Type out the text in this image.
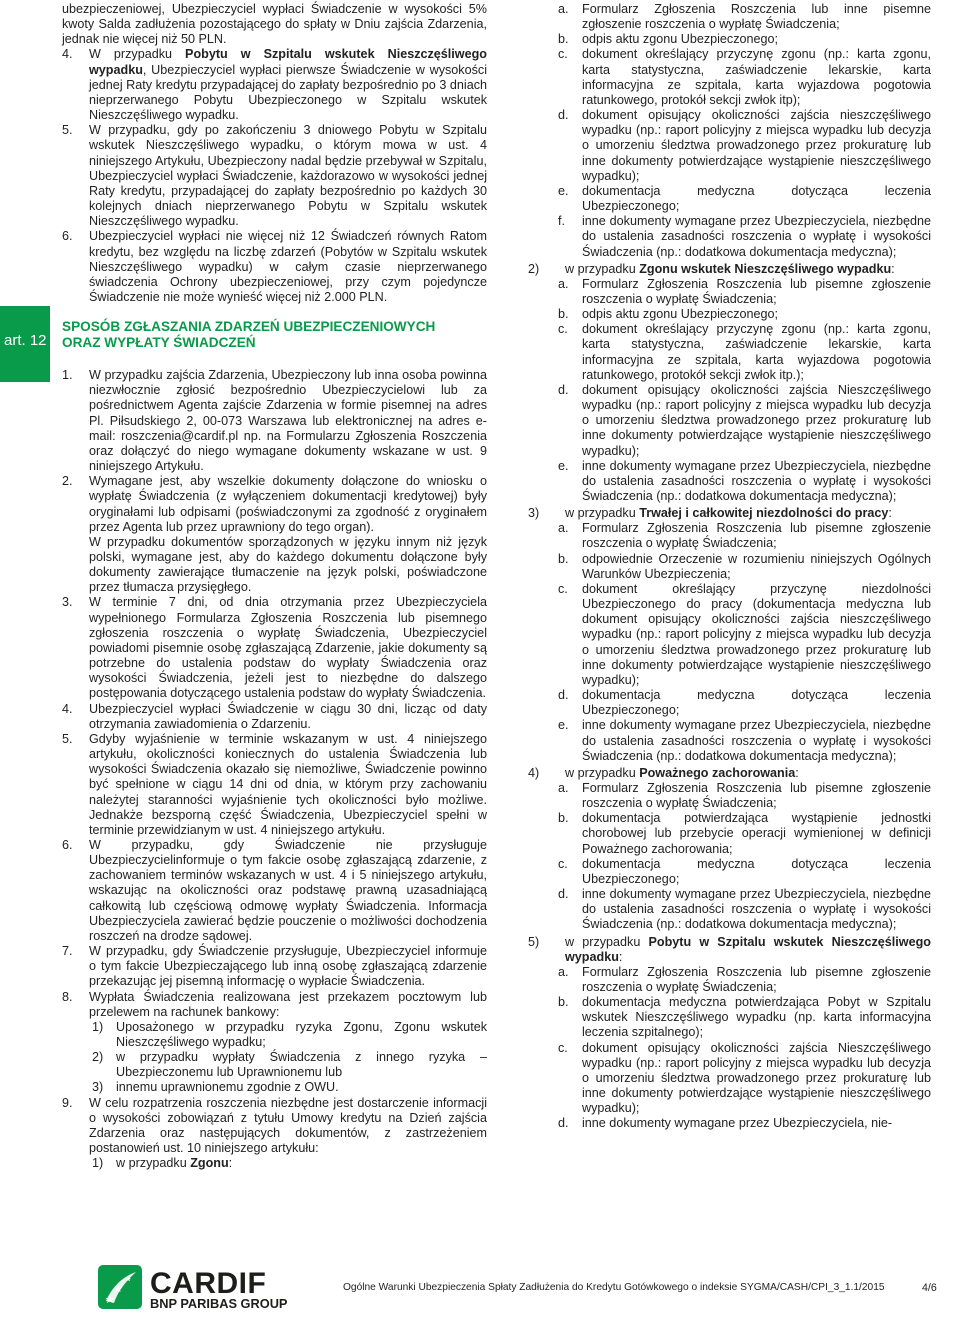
art. 12

ubezpieczeniowej, Ubezpieczyciel wypłaci Świadczenie w wysokości 5% kwoty Salda zadłużenia pozostającego do spłaty w Dniu zajścia Zdarzenia, jednak nie więcej niż 50 PLN.

4.	W przypadku Pobytu w Szpitalu wskutek Nieszczęśliwego wypadku, Ubezpieczyciel wypłaci pierwsze Świadczenie w wysokości jednej Raty kredytu przypadającej do zapłaty bezpośrednio po 3 dniach nieprzerwanego Pobytu Ubezpieczonego w Szpitalu wskutek Nieszczęśliwego wypadku.
5.	W przypadku, gdy po zakończeniu 3 dniowego Pobytu w Szpitalu wskutek Nieszczęśliwego wypadku, o którym mowa w ust. 4 niniejszego Artykułu, Ubezpieczony nadal będzie przebywał w Szpitalu, Ubezpieczyciel wypłaci Świadczenie, każdorazowo w wysokości jednej Raty kredytu, przypadającej do zapłaty bezpośrednio po każdych 30 kolejnych dniach nieprzerwanego Pobytu w Szpitalu wskutek Nieszczęśliwego wypadku.
6.	Ubezpieczyciel wypłaci nie więcej niż 12 Świadczeń równych Ratom kredytu, bez względu na liczbę zdarzeń (Pobytów w Szpitalu wskutek Nieszczęśliwego wypadku) w całym czasie nieprzerwanego świadczenia Ochrony ubezpieczeniowej, przy czym pojedyncze Świadczenie nie może wynieść więcej niż 2.000 PLN.
SPOSÓB ZGŁASZANIA ZDARZEŃ UBEZPIECZENIOWYCH
ORAZ WYPŁATY ŚWIADCZEŃ
1.	W przypadku zajścia Zdarzenia, Ubezpieczony lub inna osoba powinna niezwłocznie zgłosić bezpośrednio Ubezpieczycielowi lub za pośrednictwem Agenta zajście Zdarzenia w formie pisemnej na adres Pl. Piłsudskiego 2, 00-073 Warszawa lub elektronicznej na adres e-mail: roszczenia@cardif.pl np. na Formularzu Zgłoszenia Roszczenia oraz dołączyć do niego wymagane dokumenty wskazane w ust. 9 niniejszego Artykułu.
2.	Wymagane jest, aby wszelkie dokumenty dołączone do wniosku o wypłatę Świadczenia (z wyłączeniem dokumentacji kredytowej) były oryginałami lub odpisami (poświadczonymi za zgodność z oryginałem przez Agenta lub przez uprawniony do tego organ).
W przypadku dokumentów sporządzonych w języku innym niż język polski, wymagane jest, aby do każdego dokumentu dołączone były dokumenty zawierające tłumaczenie na język polski, poświadczone przez tłumacza przysięgłego.
3.	W terminie 7 dni, od dnia otrzymania przez Ubezpieczyciela wypełnionego Formularza Zgłoszenia Roszczenia lub pisemnego zgłoszenia roszczenia o wypłatę Świadczenia, Ubezpieczyciel powiadomi pisemnie osobę zgłaszającą Zdarzenie, jakie dokumenty są potrzebne do ustalenia podstaw do wypłaty Świadczenia oraz wysokości Świadczenia, jeżeli jest to niezbędne do dalszego postępowania dotyczącego ustalenia podstaw do wypłaty Świadczenia.
4.	Ubezpieczyciel wypłaci Świadczenie w ciągu 30 dni, licząc od daty otrzymania zawiadomienia o Zdarzeniu.
5.	Gdyby wyjaśnienie w terminie wskazanym w ust. 4 niniejszego artykułu, okoliczności koniecznych do ustalenia Świadczenia lub wysokości Świadczenia okazało się niemożliwe, Świadczenie powinno być spełnione w ciągu 14 dni od dnia, w którym przy zachowaniu należytej staranności wyjaśnienie tych okoliczności było możliwe. Jednakże bezsporną część Świadczenia, Ubezpieczyciel spełni w terminie przewidzianym w ust. 4 niniejszego artykułu.
6.	W przypadku, gdy Świadczenie nie przysługuje Ubezpieczycielinformuje o tym fakcie osobę zgłaszającą zdarzenie, z zachowaniem terminów wskazanych w ust. 4 i 5 niniejszego artykułu, wskazując na okoliczności oraz podstawę prawną uzasadniającą całkowitą lub częściową odmowę wypłaty Świadczenia. Informacja Ubezpieczyciela zawierać będzie pouczenie o możliwości dochodzenia roszczeń na drodze sądowej.
7.	W przypadku, gdy Świadczenie przysługuje, Ubezpieczyciel informuje o tym fakcie Ubezpieczającego lub inną osobę zgłaszającą zdarzenie przekazując jej pisemną informację o wypłacie Świadczenia.
8.	Wypłata Świadczenia realizowana jest przekazem pocztowym lub przelewem na rachunek bankowy:
1)	Uposażonego w przypadku ryzyka Zgonu, Zgonu wskutek Nieszczęśliwego wypadku;
2)	w przypadku wypłaty Świadczenia z innego ryzyka – Ubezpieczonemu lub Uprawnionemu lub
3)	innemu uprawnionemu zgodnie z OWU.
9.	W celu rozpatrzenia roszczenia niezbędne jest dostarczenie informacji o wysokości zobowiązań z tytułu Umowy kredytu na Dzień zajścia Zdarzenia oraz następujących dokumentów, z zastrzeżeniem postanowień ust. 10 niniejszego artykułu:
1)	w przypadku Zgonu:
a.	Formularz Zgłoszenia Roszczenia lub inne pisemne zgłoszenie roszczenia o wypłatę Świadczenia;
b.	odpis aktu zgonu Ubezpieczonego;
c.	dokument określający przyczynę zgonu (np.: karta zgonu, karta statystyczna, zaświadczenie lekarskie, karta informacyjna ze szpitala, karta wyjazdowa pogotowia ratunkowego, protokół sekcji zwłok itp);
d.	dokument opisujący okoliczności zajścia nieszczęśliwego wypadku (np.: raport policyjny z miejsca wypadku lub decyzja o umorzeniu śledztwa prowadzonego przez prokuraturę lub inne dokumenty potwierdzające wystąpienie nieszczęśliwego wypadku);
e.	dokumentacja medyczna dotycząca leczenia Ubezpieczonego;
f.	inne dokumenty wymagane przez Ubezpieczyciela, niezbędne do ustalenia zasadności roszczenia o wypłatę i wysokości Świadczenia (np.: dodatkowa dokumentacja medyczna);
2)	w przypadku Zgonu wskutek Nieszczęśliwego wypadku:
a.	Formularz Zgłoszenia Roszczenia lub pisemne zgłoszenie roszczenia o wypłatę Świadczenia;
b.	odpis aktu zgonu Ubezpieczonego;
c.	dokument określający przyczynę zgonu (np.: karta zgonu, karta statystyczna, zaświadczenie lekarskie, karta informacyjna ze szpitala, karta wyjazdowa pogotowia ratunkowego, protokół sekcji zwłok itp.);
d.	dokument opisujący okoliczności zajścia Nieszczęśliwego wypadku (np.: raport policyjny z miejsca wypadku lub decyzja o umorzeniu śledztwa prowadzonego przez prokuraturę lub inne dokumenty potwierdzające wystąpienie nieszczęśliwego wypadku);
e.	inne dokumenty wymagane przez Ubezpieczyciela, niezbędne do ustalenia zasadności roszczenia o wypłatę i wysokości Świadczenia (np.: dodatkowa dokumentacja medyczna);
3)	w przypadku Trwałej i całkowitej niezdolności do pracy:
a.	Formularz Zgłoszenia Roszczenia lub pisemne zgłoszenie roszczenia o wypłatę Świadczenia;
b.	odpowiednie Orzeczenie w rozumieniu niniejszych Ogólnych Warunków Ubezpieczenia;
c.	dokument określający przyczynę niezdolności Ubezpieczonego do pracy (dokumentacja medyczna lub dokument opisujący okoliczności zajścia nieszczęśliwego wypadku (np.: raport policyjny z miejsca wypadku lub decyzja o umorzeniu śledztwa prowadzonego przez prokuraturę lub inne dokumenty potwierdzające wystąpienie nieszczęśliwego wypadku);
d.	dokumentacja medyczna dotycząca leczenia Ubezpieczonego;
e.	inne dokumenty wymagane przez Ubezpieczyciela, niezbędne do ustalenia zasadności roszczenia o wypłatę i wysokości Świadczenia (np.: dodatkowa dokumentacja medyczna);
4)	w przypadku Poważnego zachorowania:
a.	Formularz Zgłoszenia Roszczenia lub pisemne zgłoszenie roszczenia o wypłatę Świadczenia;
b.	dokumentacja potwierdzająca wystąpienie jednostki chorobowej lub przebycie operacji wymienionej w definicji Poważnego zachorowania;
c.	dokumentacja medyczna dotycząca leczenia Ubezpieczonego;
d.	inne dokumenty wymagane przez Ubezpieczyciela, niezbędne do ustalenia zasadności roszczenia o wypłatę i wysokości Świadczenia (np.: dodatkowa dokumentacja medyczna);
5)	w przypadku Pobytu w Szpitalu wskutek Nieszczęśliwego wypadku:
a.	Formularz Zgłoszenia Roszczenia lub pisemne zgłoszenie roszczenia o wypłatę Świadczenia;
b.	dokumentacja medyczna potwierdzająca Pobyt w Szpitalu wskutek Nieszczęśliwego wypadku (np. karta informacyjna leczenia szpitalnego);
c.	dokument opisujący okoliczności zajścia Nieszczęśliwego wypadku (np.: raport policyjny z miejsca wypadku lub decyzja o umorzeniu śledztwa prowadzonego przez prokuraturę lub inne dokumenty potwierdzające wystąpienie nieszczęśliwego wypadku);
d.	inne dokumenty wymagane przez Ubezpieczyciela, nie-
CARDIF
BNP PARIBAS GROUP
Ogólne Warunki Ubezpieczenia Spłaty Zadłużenia do Kredytu Gotówkowego o indeksie SYGMA/CASH/CPI_3_1.1/2015	4/6
